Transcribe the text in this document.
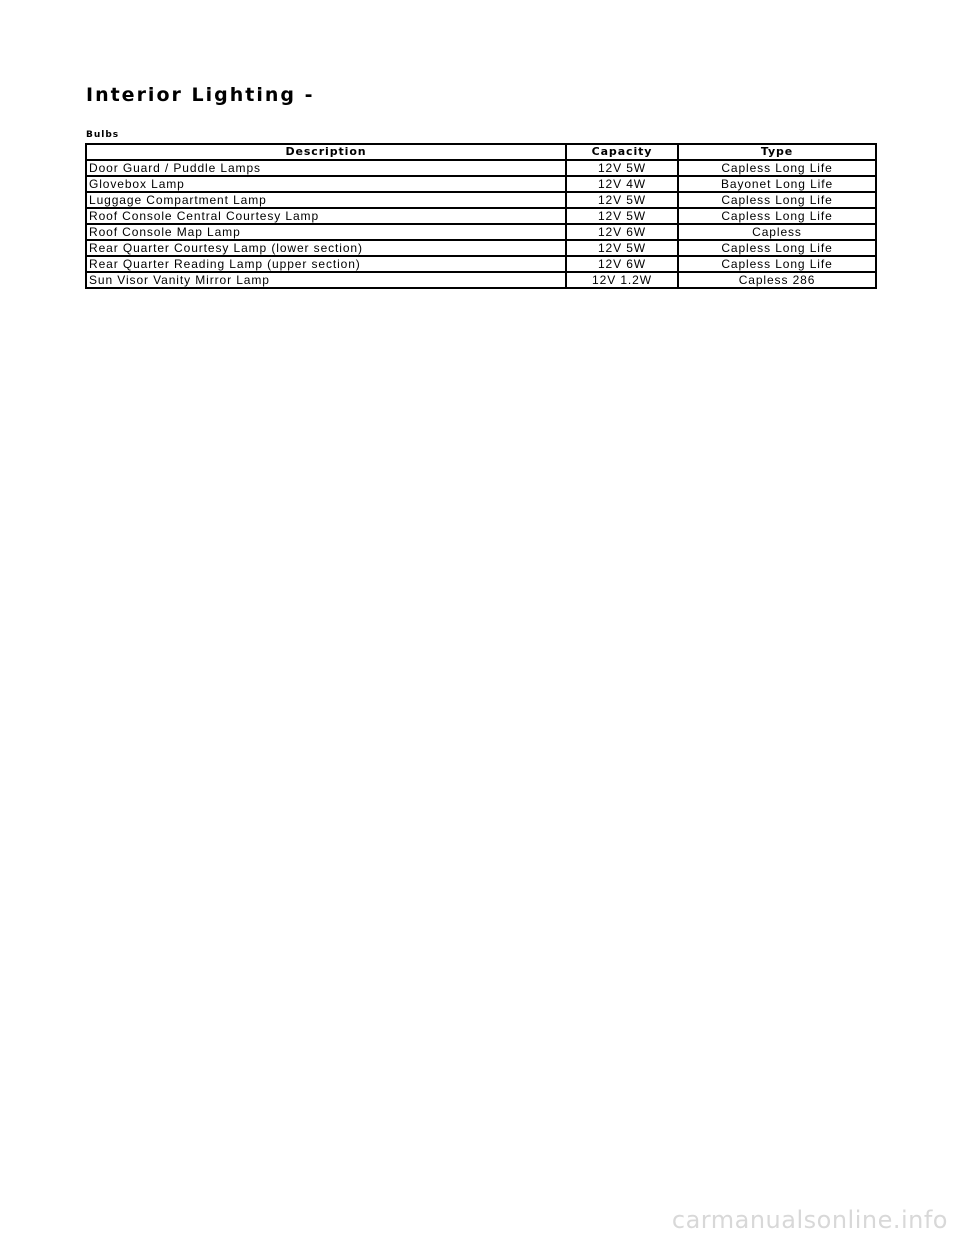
Interior Lighting -
Bulbs
Description	Capacity	Type
Door Guard / Puddle Lamps	12V 5W	Capless Long Life
Glovebox Lamp	12V 4W	Bayonet Long Life
Luggage Compartment Lamp	12V 5W	Capless Long Life
Roof Console Central Courtesy Lamp	12V 5W	Capless Long Life
Roof Console Map Lamp	12V 6W	Capless
Rear Quarter Courtesy Lamp (lower section)	12V 5W	Capless Long Life
Rear Quarter Reading Lamp (upper section)	12V 6W	Capless Long Life
Sun Visor Vanity Mirror Lamp	12V 1.2W	Capless 286
carmanualsonline.info
